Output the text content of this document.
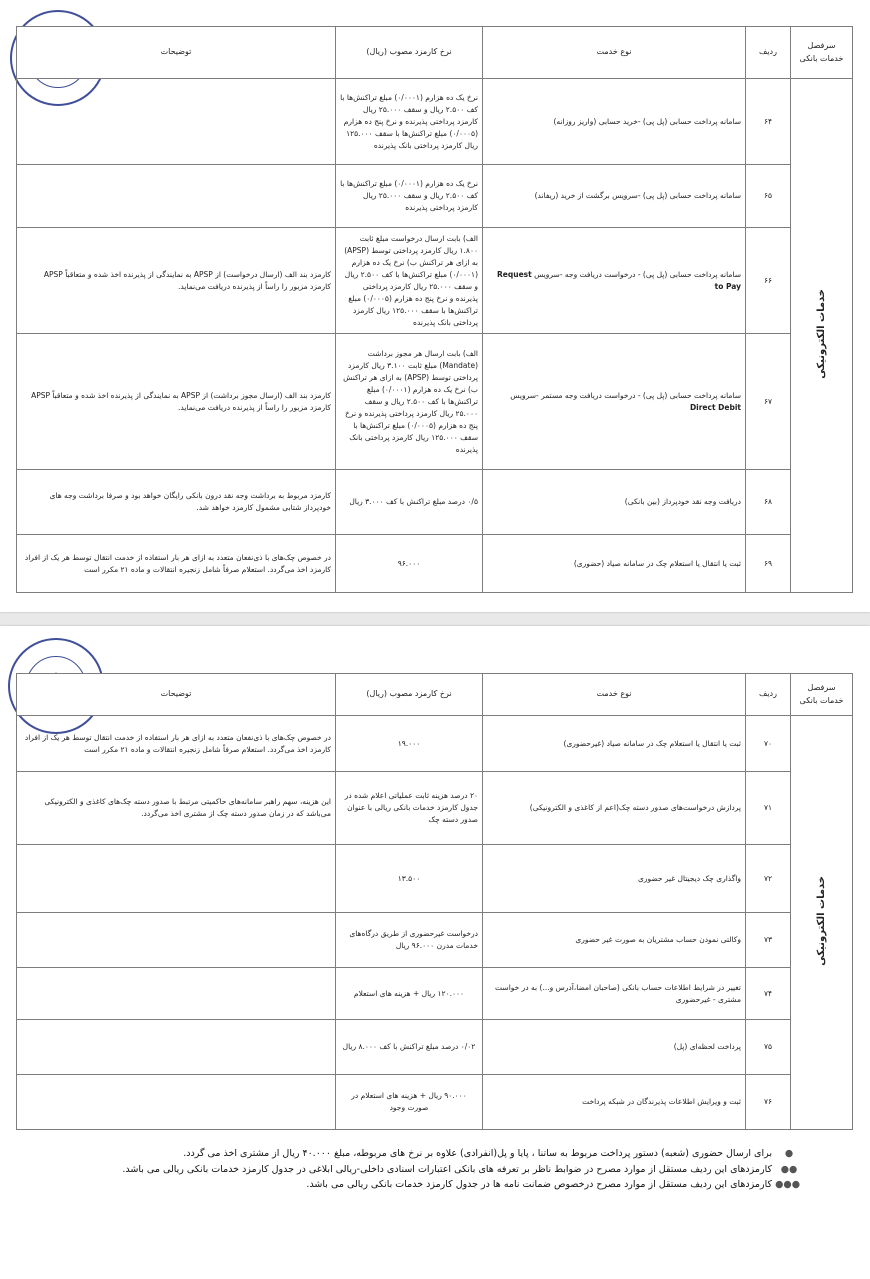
سرفصل خدمات بانکی	ردیف	نوع خدمت	نرخ کارمزد مصوب (ریال)	توضیحات
خدمات الکترونیکی	۶۴	سامانه پرداخت حسابی (پل پی) -خرید حسابی (واریز روزانه)	نرخ یک ده هزارم (۰/۰۰۰۱) مبلغ تراکنش‌ها با کف ۲.۵۰۰ ریال و سقف ۲۵.۰۰۰ ریال کارمزد پرداختی پذیرنده و نرخ پنج ده هزارم (۰/۰۰۰۵) مبلغ تراکنش‌ها با سقف ۱۲۵.۰۰۰ ریال کارمزد پرداختی بانک پذیرنده	
	۶۵	سامانه پرداخت حسابی (پل پی) -سرویس برگشت از خرید (ریفاند)	نرخ یک ده هزارم (۰/۰۰۰۱) مبلغ تراکنش‌ها با کف ۲.۵۰۰ ریال و سقف ۲۵.۰۰۰ ریال کارمزد پرداختی پذیرنده	
	۶۶	سامانه پرداخت حسابی (پل پی) - درخواست دریافت وجه -سرویس Request to Pay	الف) بابت ارسال درخواست مبلغ ثابت ۱.۸۰۰ ریال کارمزد پرداختی توسط (APSP) به ازای هر تراکنش ب) نرخ یک ده هزارم (۰/۰۰۰۱) مبلغ تراکنش‌ها با کف ۲.۵۰۰ ریال و سقف ۲۵.۰۰۰ ریال کارمزد پرداختی پذیرنده و نرخ پنج ده هزارم (۰/۰۰۰۵) مبلغ تراکنش‌ها با سقف ۱۲۵.۰۰۰ ریال کارمزد پرداختی بانک پذیرنده	کارمزد بند الف (ارسال درخواست) از APSP به نمایندگی از پذیرنده اخذ شده و متعاقباً APSP کارمزد مزبور را راساً از پذیرنده دریافت می‌نماید.
	۶۷	سامانه پرداخت حسابی (پل پی) - درخواست دریافت وجه مستمر -سرویس Direct Debit	الف) بابت ارسال هر مجوز برداشت (Mandate) مبلغ ثابت ۳.۱۰۰ ریال کارمزد پرداختی توسط (APSP) به ازای هر تراکنش ب) نرخ یک ده هزارم (۰/۰۰۰۱) مبلغ تراکنش‌ها با کف ۲.۵۰۰ ریال و سقف ۲۵.۰۰۰ ریال کارمزد پرداختی پذیرنده و نرخ پنج ده هزارم (۰/۰۰۰۵) مبلغ تراکنش‌ها با سقف ۱۲۵.۰۰۰ ریال کارمزد پرداختی بانک پذیرنده	کارمزد بند الف (ارسال مجوز برداشت) از APSP به نمایندگی از پذیرنده اخذ شده و متعاقباً APSP کارمزد مزبور را راساً از پذیرنده دریافت می‌نماید.
	۶۸	دریافت وجه نقد خودپرداز (بین بانکی)	۰/۵ درصد مبلغ تراکنش با کف ۳.۰۰۰ ریال	کارمزد مربوط به برداشت وجه نقد درون بانکی رایگان خواهد بود و صرفا برداشت وجه های خودپرداز شتابی مشمول کارمزد خواهد شد.
	۶۹	ثبت یا انتقال یا استعلام چک در سامانه صیاد (حضوری)	۹۶.۰۰۰	در خصوص چک‌های با ذی‌نفعان متعدد به ازای هر بار استفاده از خدمت انتقال توسط هر یک از افراد کارمزد اخذ می‌گردد. استعلام صرفاً شامل زنجیره انتقالات و ماده ۲۱ مکرر است
سرفصل خدمات بانکی	ردیف	نوع خدمت	نرخ کارمزد مصوب (ریال)	توضیحات
خدمات الکترونیکی	۷۰	ثبت یا انتقال یا استعلام چک در سامانه صیاد (غیرحضوری)	۱۹.۰۰۰	در خصوص چک‌های با ذی‌نفعان متعدد به ازای هر بار استفاده از خدمت انتقال توسط هر یک از افراد کارمزد اخذ می‌گردد. استعلام صرفاً شامل زنجیره انتقالات و ماده ۲۱ مکرر است
	۷۱	پردازش درخواست‌های صدور دسته چک(اعم از کاغذی و الکترونیکی)	۲۰ درصد هزینه ثابت عملیاتی اعلام شده در جدول کارمزد خدمات بانکی ریالی با عنوان صدور دسته چک	این هزینه، سهم راهبر سامانه‌های حاکمیتی مرتبط با صدور دسته چک‌های کاغذی و الکترونیکی می‌باشد که در زمان صدور دسته چک از مشتری اخذ می‌گردد.
	۷۲	واگذاری چک دیجیتال غیر حضوری	۱۳.۵۰۰	
	۷۳	وکالتی نمودن حساب مشتریان به صورت غیر حضوری	درخواست غیرحضوری از طریق درگاه‌های خدمات مدرن ۹۶.۰۰۰ ریال	
	۷۴	تغییر در شرایط اطلاعات حساب بانکی (صاحبان امضا،آدرس و...) به در خواست مشتری - غیرحضوری	۱۲۰.۰۰۰ ریال + هزینه های استعلام	
	۷۵	پرداخت لحظه‌ای (پل)	۰/۰۲ درصد مبلغ تراکنش با کف ۸.۰۰۰ ریال	
	۷۶	ثبت و ویرایش اطلاعات پذیرندگان در شبکه پرداخت	۹۰.۰۰۰ ریال + هزینه های استعلام در صورت وجود	
●
برای ارسال حضوری (شعبه) دستور پرداخت مربوط به ساتنا ، پایا و پل(انفرادی) علاوه بر نرخ های مربوطه، مبلغ ۴۰.۰۰۰ ریال از مشتری اخذ می گردد.
●●
کارمزدهای این ردیف مستقل از موارد مصرح در ضوابط ناظر بر تعرفه های بانکی اعتبارات اسنادی داخلی-ریالی ابلاغی در جدول کارمزد خدمات بانکی ریالی می باشد.
●●●
کارمزدهای این ردیف مستقل از موارد مصرح درخصوص ضمانت نامه ها در جدول کارمزد خدمات بانکی ریالی می باشد.
